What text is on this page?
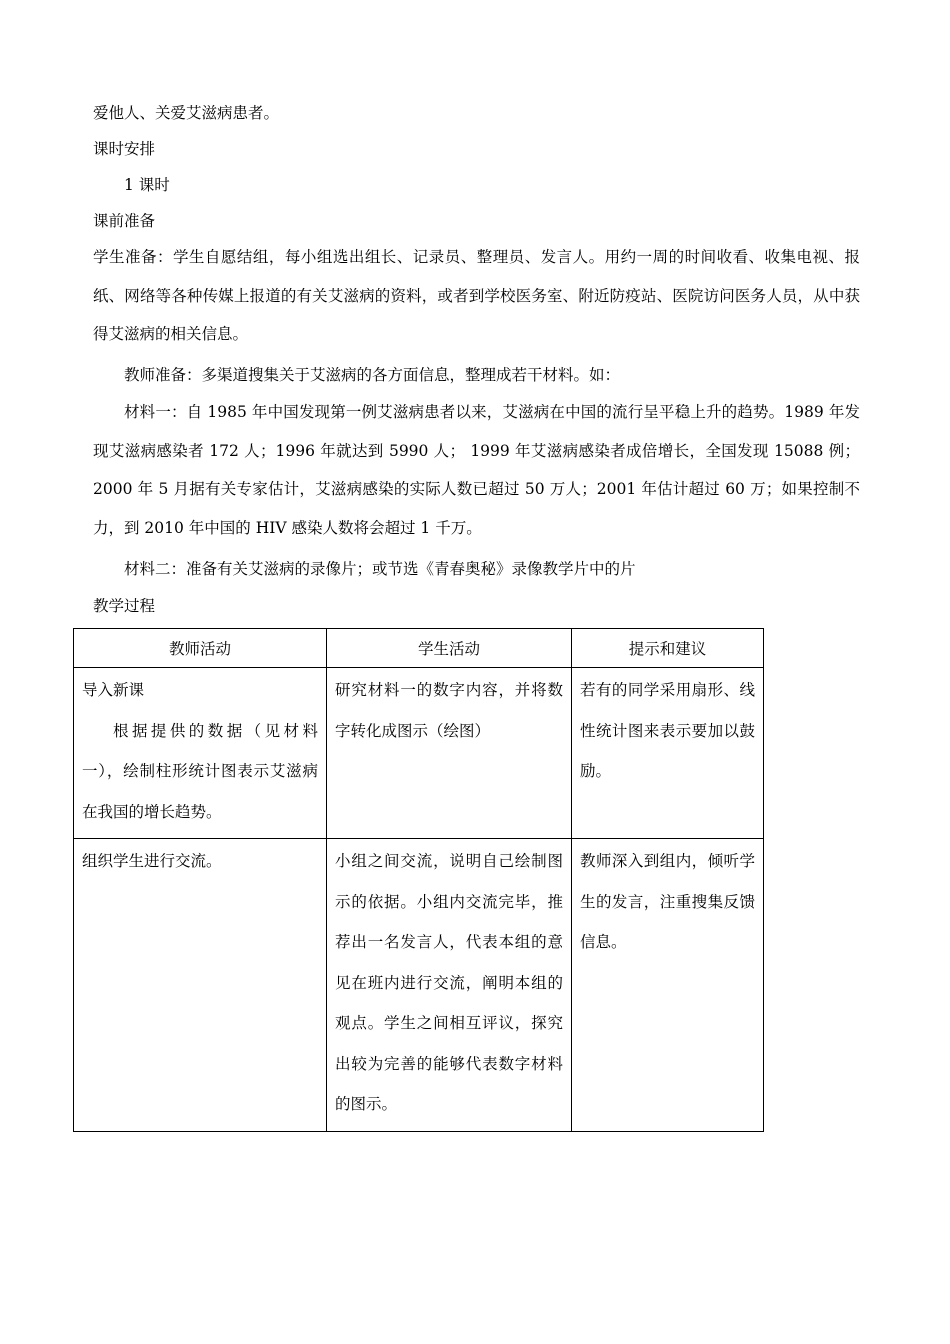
爱他人、关爱艾滋病患者。
课时安排
1 课时
课前准备
学生准备：学生自愿结组，每小组选出组长、记录员、整理员、发言人。用约一周的时间收看、收集电视、报纸、网络等各种传媒上报道的有关艾滋病的资料，或者到学校医务室、附近防疫站、医院访问医务人员，从中获得艾滋病的相关信息。
教师准备：多渠道搜集关于艾滋病的各方面信息，整理成若干材料。如：
材料一：自 1985 年中国发现第一例艾滋病患者以来，艾滋病在中国的流行呈平稳上升的趋势。1989 年发现艾滋病感染者 172 人；1996 年就达到 5990 人； 1999 年艾滋病感染者成倍增长，全国发现 15088 例；2000 年 5 月据有关专家估计，艾滋病感染的实际人数已超过 50 万人；2001 年估计超过 60 万；如果控制不力，到 2010 年中国的 HIV 感染人数将会超过 1 千万。
材料二：准备有关艾滋病的录像片；或节选《青春奥秘》录像教学片中的片
教学过程
教师活动	学生活动	提示和建议

导入新课
根据提供的数据（见材料一），绘制柱形统计图表示艾滋病在我国的增长趋势。	研究材料一的数字内容，并将数字转化成图示（绘图）	若有的同学采用扇形、线性统计图来表示要加以鼓励。

组织学生进行交流。	小组之间交流，说明自己绘制图示的依据。小组内交流完毕，推荐出一名发言人，代表本组的意见在班内进行交流，阐明本组的观点。学生之间相互评议，探究出较为完善的能够代表数字材料的图示。	教师深入到组内，倾听学生的发言，注重搜集反馈信息。
